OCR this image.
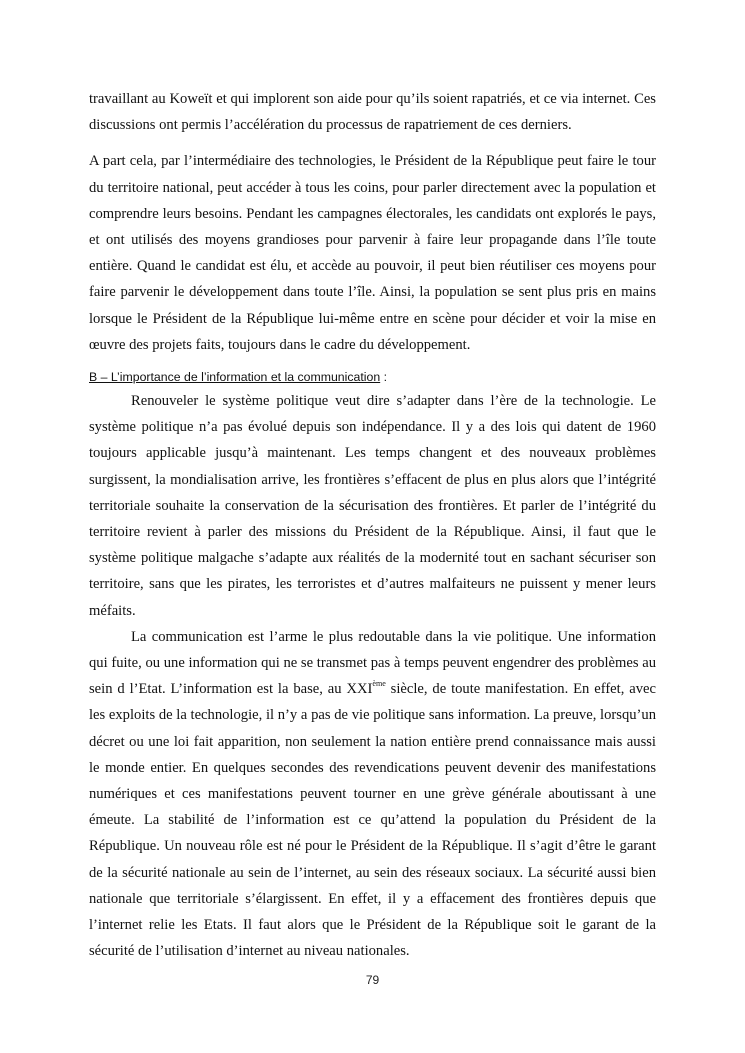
travaillant au Koweït et qui implorent son aide pour qu’ils soient rapatriés, et ce via internet. Ces discussions ont permis l’accélération du processus de rapatriement de ces derniers.

A part cela, par l’intermédiaire des technologies, le Président de la République peut faire le tour du territoire national, peut accéder à tous les coins, pour parler directement avec la population et comprendre leurs besoins. Pendant les campagnes électorales, les candidats ont explorés le pays, et ont utilisés des moyens grandioses pour parvenir à faire leur propagande dans l’île toute entière. Quand le candidat est élu, et accède au pouvoir, il peut bien réutiliser ces moyens pour faire parvenir le développement dans toute l’île. Ainsi, la population se sent plus pris en mains lorsque le Président de la République lui-même entre en scène pour décider et voir la mise en œuvre des projets faits, toujours dans le cadre du développement.

B – L’importance de l’information et la communication :

Renouveler le système politique veut dire s’adapter dans l’ère de la technologie. Le système politique n’a pas évolué depuis son indépendance. Il y a des lois qui datent de 1960 toujours applicable jusqu’à maintenant. Les temps changent et des nouveaux problèmes surgissent, la mondialisation arrive, les frontières s’effacent de plus en plus alors que l’intégrité territoriale souhaite la conservation de la sécurisation des frontières. Et parler de l’intégrité du territoire revient à parler des missions du Président de la République. Ainsi, il faut que le système politique malgache s’adapte aux réalités de la modernité tout en sachant sécuriser son territoire, sans que les pirates, les terroristes et d’autres malfaiteurs ne puissent y mener leurs méfaits.

La communication est l’arme le plus redoutable dans la vie politique. Une information qui fuite, ou une information qui ne se transmet pas à temps peuvent engendrer des problèmes au sein d l’Etat. L’information est la base, au XXIème siècle, de toute manifestation. En effet, avec les exploits de la technologie, il n’y a pas de vie politique sans information. La preuve, lorsqu’un décret ou une loi fait apparition, non seulement la nation entière prend connaissance mais aussi le monde entier. En quelques secondes des revendications peuvent devenir des manifestations numériques et ces manifestations peuvent tourner en une grève générale aboutissant à une émeute. La stabilité de l’information est ce qu’attend la population du Président de la République. Un nouveau rôle est né pour le Président de la République. Il s’agit d’être le garant de la sécurité nationale au sein de l’internet, au sein des réseaux sociaux. La sécurité aussi bien nationale que territoriale s’élargissent. En effet, il y a effacement des frontières depuis que l’internet relie les Etats. Il faut alors que le Président de la République soit le garant de la sécurité de l’utilisation d’internet au niveau nationales.

79
